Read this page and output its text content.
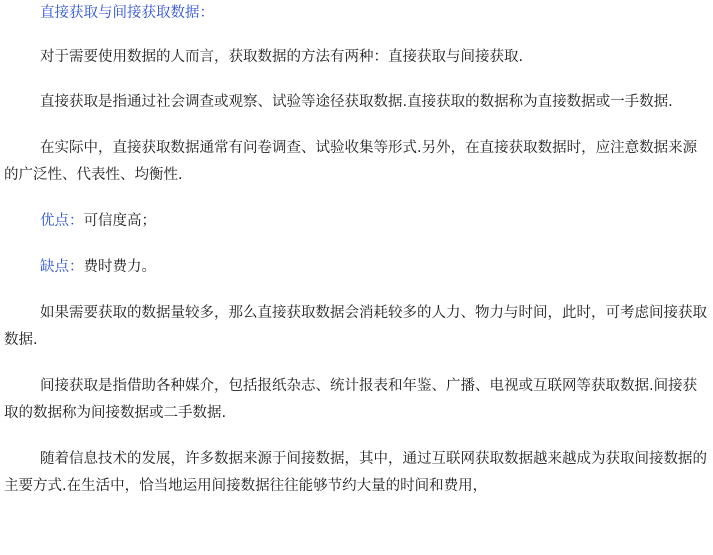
直接获取与间接获取数据：

对于需要使用数据的人而言，获取数据的方法有两种：直接获取与间接获取.

直接获取是指通过社会调查或观察、试验等途径获取数据.直接获取的数据称为直接数据或一手数据.

在实际中，直接获取数据通常有问卷调查、试验收集等形式.另外，在直接获取数据时，应注意数据来源的广泛性、代表性、均衡性.

优点：可信度高；

缺点：费时费力。

如果需要获取的数据量较多，那么直接获取数据会消耗较多的人力、物力与时间，此时，可考虑间接获取数据.

间接获取是指借助各种媒介，包括报纸杂志、统计报表和年鉴、广播、电视或互联网等获取数据.间接获取的数据称为间接数据或二手数据.

随着信息技术的发展，许多数据来源于间接数据，其中，通过互联网获取数据越来越成为获取间接数据的主要方式.在生活中，恰当地运用间接数据往往能够节约大量的时间和费用，
